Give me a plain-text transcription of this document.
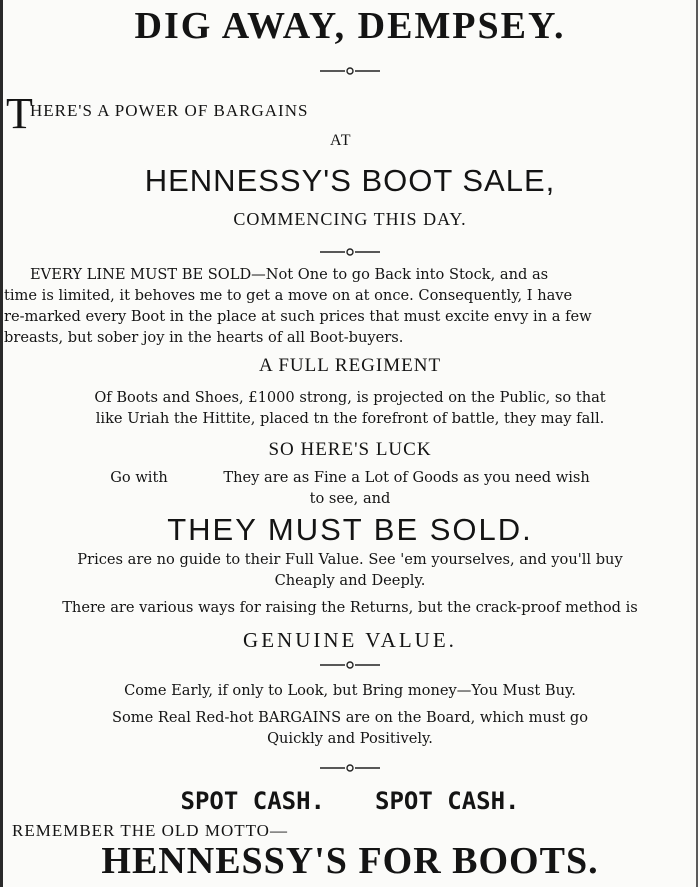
DIG AWAY, DEMPSEY.
T
HERE'S A POWER OF BARGAINS
AT
HENNESSY'S BOOT SALE,
COMMENCING THIS DAY.
EVERY LINE MUST BE SOLD—Not One to go Back into Stock, and as
time is limited, it behoves me to get a move on at once. Consequently, I have
re-marked every Boot in the place at such prices that must excite envy in a few
breasts, but sober joy in the hearts of all Boot-buyers.
A FULL REGIMENT
Of Boots and Shoes, £1000 strong, is projected on the Public, so that
like Uriah the Hittite, placed tn the forefront of battle, they may fall.
SO HERE'S LUCK
Go with            They are as Fine a Lot of Goods as you need wish
to see, and
THEY MUST BE SOLD.
Prices are no guide to their Full Value. See 'em yourselves, and you'll buy
Cheaply and Deeply.
There are various ways for raising the Returns, but the crack-proof method is
GENUINE VALUE.
Come Early, if only to Look, but Bring money—You Must Buy.
Some Real Red-hot BARGAINS are on the Board, which must go
Quickly and Positively.
SPOT CASH. SPOT CASH.
REMEMBER THE OLD MOTTO—
HENNESSY'S FOR BOOTS.
